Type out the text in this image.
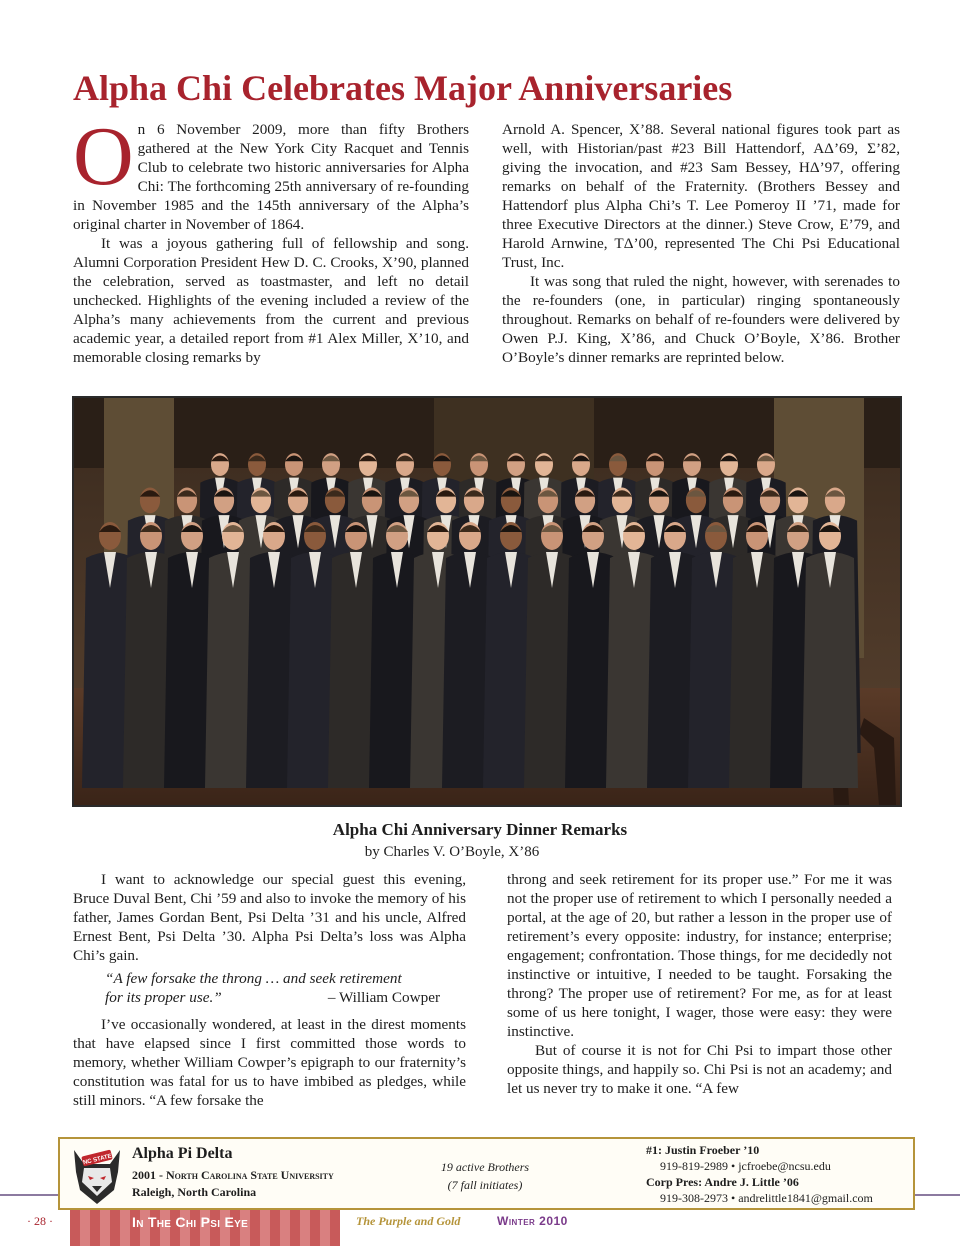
Alpha Chi Celebrates Major Anniversaries

On 6 November 2009, more than fifty Brothers gathered at the New York City Racquet and Tennis Club to celebrate two historic anniversaries for Alpha Chi: The forthcoming 25th anniversary of re-founding in November 1985 and the 145th anniversary of the Alpha’s original charter in November of 1864.

It was a joyous gathering full of fellowship and song. Alumni Corporation President Hew D. C. Crooks, X’90, planned the celebration, served as toastmaster, and left no detail unchecked. Highlights of the evening included a review of the Alpha’s many achievements from the current and previous academic year, a detailed report from #1 Alex Miller, X’10, and memorable closing remarks by

Arnold A. Spencer, X’88. Several national figures took part as well, with Historian/past #23 Bill Hattendorf, AΔ’69, Σ’82, giving the invocation, and #23 Sam Bessey, HΔ’97, offering remarks on behalf of the Fraternity. (Brothers Bessey and Hattendorf plus Alpha Chi’s T. Lee Pomeroy II ’71, made for three Executive Directors at the dinner.) Steve Crow, E’79, and Harold Arnwine, TΔ’00, represented The Chi Psi Educational Trust, Inc.

It was song that ruled the night, however, with serenades to the re-founders (one, in particular) ringing spontaneously throughout. Remarks on behalf of re-founders were delivered by Owen P.J. King, X’86, and Chuck O’Boyle, X’86. Brother O’Boyle’s dinner remarks are reprinted below.

Alpha Chi Anniversary Dinner Remarks
by Charles V. O’Boyle, X’86

I want to acknowledge our special guest this evening, Bruce Duval Bent, Chi ’59 and also to invoke the memory of his father, James Gordan Bent, Psi Delta ’31 and his uncle, Alfred Ernest Bent, Psi Delta ’30. Alpha Psi Delta’s loss was Alpha Chi’s gain.

“A few forsake the throng … and seek retirement
for its proper use.”	– William Cowper

I’ve occasionally wondered, at least in the direst moments that have elapsed since I first committed those words to memory, whether William Cowper’s epigraph to our fraternity’s constitution was fatal for us to have imbibed as pledges, while still minors. “A few forsake the

throng and seek retirement for its proper use.” For me it was not the proper use of retirement to which I personally needed a portal, at the age of 20, but rather a lesson in the proper use of retirement’s every opposite: industry, for instance; enterprise; engagement; confrontation. Those things, for me decidedly not instinctive or intuitive, I needed to be taught. Forsaking the throng? The proper use of retirement? For me, as for at least some of us here tonight, I wager, those were easy: they were instinctive.

But of course it is not for Chi Psi to impart those other opposite things, and happily so. Chi Psi is not an academy; and let us never try to make it one. “A few

Alpha Pi Delta
2001 - North Carolina State University
Raleigh, North Carolina
19 active Brothers
(7 fall initiates)
#1: Justin Froeber ’10
919-819-2989 • jcfroebe@ncsu.edu
Corp Pres: Andre J. Little ’06
919-308-2973 • andrelittle1841@gmail.com
NC STATE
· 28 ·	In The Chi Psi Eye	The Purple and Gold	Winter 2010
